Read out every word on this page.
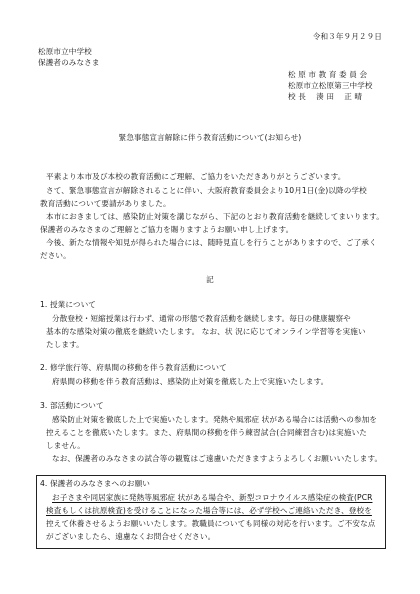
令和３年９月２９日
松原市立中学校
保護者のみなさま
松 原 市 教 育 委 員 会
松原市立松原第三中学校
校 長　 湊 田 　正 晴
緊急事態宣言解除に伴う教育活動について(お知らせ)
平素より本市及び本校の教育活動にご理解、ご協力をいただきありがとうございます。
さて、緊急事態宣言が解除されることに伴い、大阪府教育委員会より10月1日(金)以降の学校
教育活動について要請がありました。
本市におきましては、感染防止対策を講じながら、下記のとおり教育活動を継続してまいります。
保護者のみなさまのご理解とご協力を賜りますようお願い申し上げます。
今後、新たな情報や知見が得られた場合には、随時見直しを行うことがありますので、ご了承く
ださい。
記
1. 授業について
分散登校・短縮授業は行わず、通常の形態で教育活動を継続します。毎日の健康観察や
基本的な感染対策の徹底を継続いたします。 なお、状 況に応じてオンライン学習等を実施い
たします。
2. 修学旅行等、府県間の移動を伴う教育活動について
府県間の移動を伴う教育活動は、感染防止対策を徹底した上で実施いたします。
3. 部活動について
感染防止対策を徹底した上で実施いたします。発熱や風邪症 状がある場合には活動への参加を
控えることを徹底いたします。また、府県間の移動を伴う練習試合(合同練習含む)は実施いた
しません。
なお、保護者のみなさまの試合等の観覧はご遠慮いただきますようよろしくお願いいたします。
4. 保護者のみなさまへのお願い
お子さまや同居家族に発熱等風邪症 状がある場合や、新型コロナウイルス感染症の検査(PCR
検査もしくは抗原検査)を受けることになった場合等には、必ず学校へご連絡いただき、登校を
控えて休養させるようお願いいたします。教職員についても同様の対応を行います。ご不安な点
がございましたら、遠慮なくお問合せください。
